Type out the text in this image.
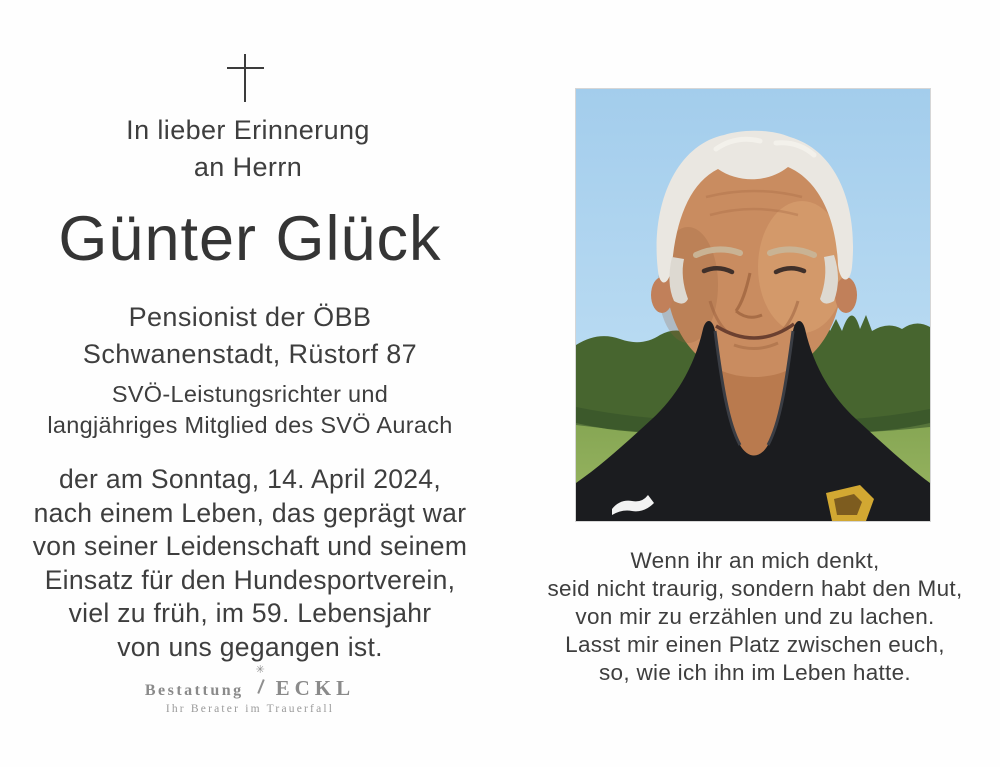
In lieber Erinnerung
an Herrn
Günter Glück
Pensionist der ÖBB
Schwanenstadt, Rüstorf 87
SVÖ-Leistungsrichter und
langjähriges Mitglied des SVÖ Aurach
der am Sonntag, 14. April 2024,
nach einem Leben, das geprägt war
von seiner Leidenschaft und seinem
Einsatz für den Hundesportverein,
viel zu früh, im 59. Lebensjahr
von uns gegangen ist.
Bestattung
✳
ECKL
Ihr Berater im Trauerfall
Wenn ihr an mich denkt,
seid nicht traurig, sondern habt den Mut,
von mir zu erzählen und zu lachen.
Lasst mir einen Platz zwischen euch,
so, wie ich ihn im Leben hatte.
